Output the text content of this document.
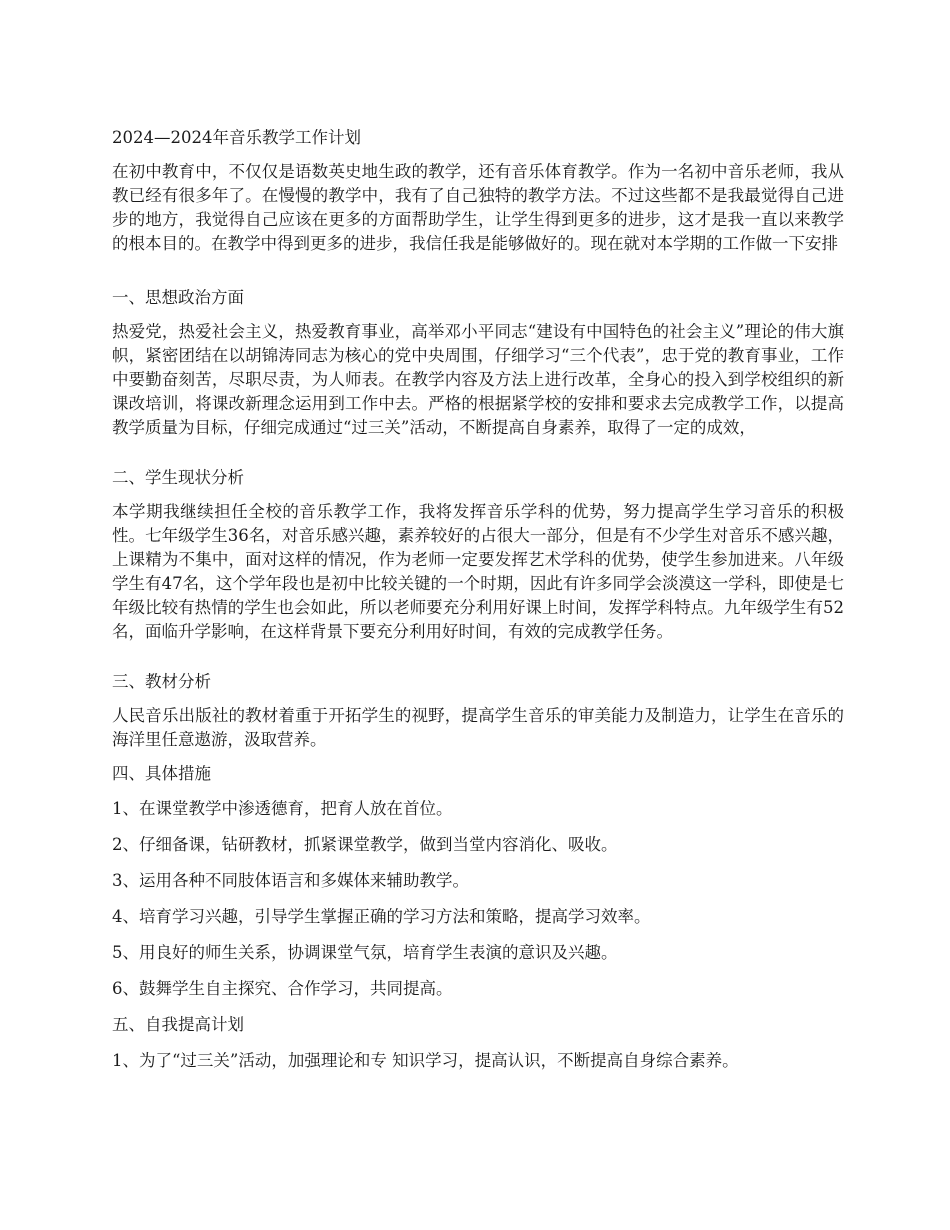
2024—2024年音乐教学工作计划

在初中教育中，不仅仅是语数英史地生政的教学，还有音乐体育教学。作为一名初中音乐老师，我从教已经有很多年了。在慢慢的教学中，我有了自己独特的教学方法。不过这些都不是我最觉得自己进步的地方，我觉得自己应该在更多的方面帮助学生，让学生得到更多的进步，这才是我一直以来教学的根本目的。在教学中得到更多的进步，我信任我是能够做好的。现在就对本学期的工作做一下安排

一、思想政治方面

热爱党，热爱社会主义，热爱教育事业，高举邓小平同志“建设有中国特色的社会主义”理论的伟大旗帜，紧密团结在以胡锦涛同志为核心的党中央周围，仔细学习“三个代表”，忠于党的教育事业，工作中要勤奋刻苦，尽职尽责，为人师表。在教学内容及方法上进行改革，全身心的投入到学校组织的新课改培训，将课改新理念运用到工作中去。严格的根据紧学校的安排和要求去完成教学工作，以提高教学质量为目标，仔细完成通过“过三关”活动，不断提高自身素养，取得了一定的成效，

二、学生现状分析

本学期我继续担任全校的音乐教学工作，我将发挥音乐学科的优势，努力提高学生学习音乐的积极性。七年级学生36名，对音乐感兴趣，素养较好的占很大一部分，但是有不少学生对音乐不感兴趣，上课精为不集中，面对这样的情况，作为老师一定要发挥艺术学科的优势，使学生参加进来。八年级学生有47名，这个学年段也是初中比较关键的一个时期，因此有许多同学会淡漠这一学科，即使是七年级比较有热情的学生也会如此，所以老师要充分利用好课上时间，发挥学科特点。九年级学生有52名，面临升学影响，在这样背景下要充分利用好时间，有效的完成教学任务。

三、教材分析

人民音乐出版社的教材着重于开拓学生的视野，提高学生音乐的审美能力及制造力，让学生在音乐的海洋里任意遨游，汲取营养。

四、具体措施
1、在课堂教学中渗透德育，把育人放在首位。
2、仔细备课，钻研教材，抓紧课堂教学，做到当堂内容消化、吸收。
3、运用各种不同肢体语言和多媒体来辅助教学。
4、培育学习兴趣，引导学生掌握正确的学习方法和策略，提高学习效率。
5、用良好的师生关系，协调课堂气氛，培育学生表演的意识及兴趣。
6、鼓舞学生自主探究、合作学习，共同提高。
五、自我提高计划
1、为了“过三关”活动，加强理论和专 知识学习，提高认识，不断提高自身综合素养。
